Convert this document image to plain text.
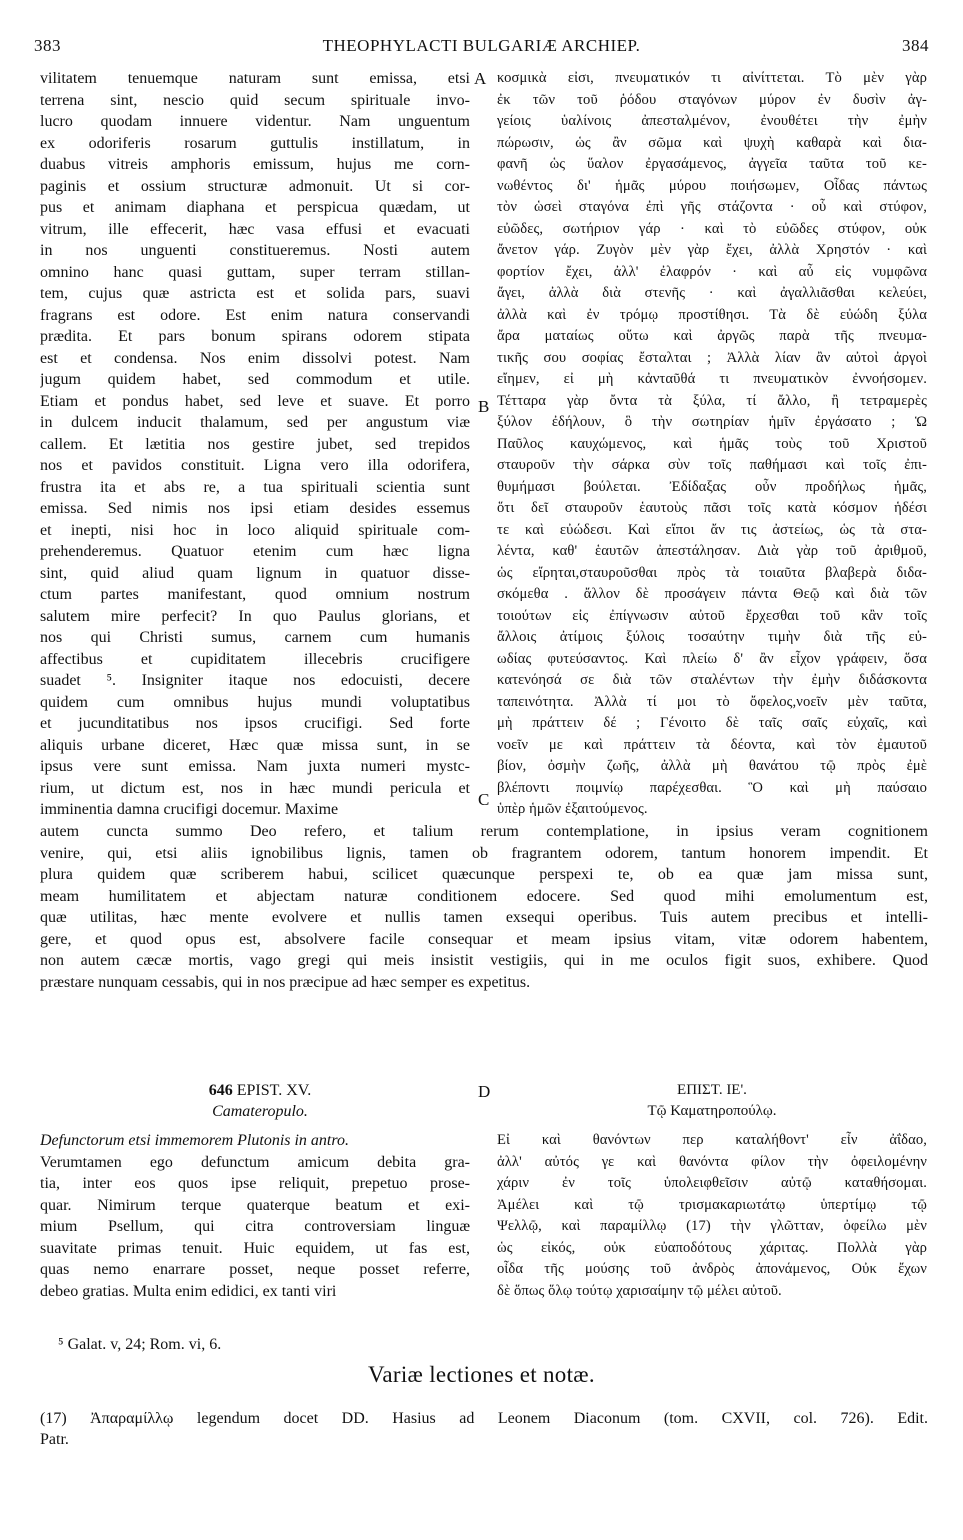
383	THEOPHYLACTI BULGARIÆ ARCHIEP.	384
vilitatem tenuemque naturam sunt emissa, etsi
terrena sint, nescio quid secum spirituale invo-
lucro quodam innuere videntur. Nam unguentum
ex odoriferis rosarum guttulis instillatum, in
duabus vitreis amphoris emissum, hujus me corn-
paginis et ossium structuræ admonuit. Ut si cor-
pus et animam diaphana et perspicua quædam, ut
vitrum, ille effecerit, hæc vasa effusi et evacuati
in nos unguenti constitueremus. Nosti autem
omnino hanc quasi guttam, super terram stillan-
tem, cujus quæ astricta est et solida pars, suavi
fragrans est odore. Est enim natura conservandi
prædita. Et pars bonum spirans odorem stipata
est et condensa. Nos enim dissolvi potest. Nam
jugum quidem habet, sed commodum et utile.
Etiam et pondus habet, sed leve et suave. Et porro
in dulcem inducit thalamum, sed per angustum viæ
callem. Et lætitia nos gestire jubet, sed trepidos
nos et pavidos constituit. Ligna vero illa odorifera,
frustra ita et abs re, a tua spirituali scientia sunt
emissa. Sed nimis nos ipsi etiam desides essemus
et inepti, nisi hoc in loco aliquid spirituale com-
prehenderemus. Quatuor etenim cum hæc ligna
sint, quid aliud quam lignum in quatuor disse-
ctum partes manifestant, quod omnium nostrum
salutem mire perfecit? In quo Paulus glorians, et
nos qui Christi sumus, carnem cum humanis
affectibus et cupiditatem illecebris crucifigere
suadet ⁵. Insigniter itaque nos edocuisti, decere
quidem cum omnibus hujus mundi voluptatibus
et jucunditatibus nos ipsos crucifigi. Sed forte
aliquis urbane diceret, Hæc quæ missa sunt, in se
ipsus vere sunt emissa. Nam juxta numeri mystc-
rium, ut dictum est, nos in hæc mundi pericula et
imminentia damna crucifigi docemur. Maxime
κοσμικὰ εἰσι, πνευματικόν τι αἰνίττεται. Τὸ μὲν γὰρ
ἐκ τῶν τοῦ ῥόδου σταγόνων μύρον ἐν δυσὶν ἀγ-
γείοις ὑαλίνοις ἀπεσταλμένον, ἐνουθέτει τὴν ἐμὴν
πώρωσιν, ὡς ἂν σῶμα καὶ ψυχὴ καθαρὰ καὶ δια-
φανῆ ὡς ὕαλον ἐργασάμενος, ἀγγεῖα ταῦτα τοῦ κε-
νωθέντος δι' ἡμᾶς μύρου ποιήσωμεν, Οἶδας πάντως
τὸν ὡσεὶ σταγόνα ἐπὶ γῆς στάζοντα · οὗ καὶ στύφον,
εὐῶδες, σωτήριον γάρ · καὶ τὸ εὐῶδες στύφον, οὐκ
ἄνετον γάρ. Ζυγὸν μὲν γὰρ ἔχει, ἀλλὰ Χρηστόν · καὶ
φορτίον ἔχει, ἀλλ' ἐλαφρόν · καὶ αὖ εἰς νυμφῶνα
ἄγει, ἀλλὰ διὰ στενῆς · καὶ ἀγαλλιᾶσθαι κελεύει,
ἀλλὰ καὶ ἐν τρόμῳ προστίθησι. Τὰ δὲ εὐώδη ξύλα
ἄρα ματαίως οὕτω καὶ ἀργῶς παρὰ τῆς πνευμα-
τικῆς σου σοφίας ἔσταλται ; Ἀλλὰ λίαν ἂν αὐτοὶ ἀργοὶ
εἴημεν, εἰ μὴ κἀνταῦθά τι πνευματικὸν ἐννοήσομεν.
Τέτταρα γὰρ ὄντα τὰ ξύλα, τί ἄλλο, ἢ τετραμερὲς
ξύλον ἐδήλουν, ὃ τὴν σωτηρίαν ἡμῖν ἐργάσατο ; Ὡ
Παῦλος καυχώμενος, καὶ ἡμᾶς τοὺς τοῦ Χριστοῦ
σταυροῦν τὴν σάρκα σὺν τοῖς παθήμασι καὶ τοῖς ἐπι-
θυμήμασι βούλεται. Ἐδίδαξας οὖν προδήλως ἡμᾶς,
ὅτι δεῖ σταυροῦν ἑαυτοὺς πᾶσι τοῖς κατὰ κόσμον ἡδέσι
τε καὶ εὐώδεσι. Καὶ εἴποι ἄν τις ἀστείως, ὡς τὰ στα-
λέντα, καθ' ἑαυτῶν ἀπεστάλησαν. Διὰ γὰρ τοῦ ἀριθμοῦ,
ὡς εἴρηται,σταυροῦσθαι πρὸς τὰ τοιαῦτα βλαβερὰ διδα-
σκόμεθα . ἄλλον δὲ προσάγειν πάντα Θεῷ καὶ διὰ τῶν
τοιούτων εἰς ἐπίγνωσιν αὐτοῦ ἔρχεσθαι τοῦ κἂν τοῖς
ἄλλοις ἀτίμοις ξύλοις τοσαύτην τιμὴν διὰ τῆς εὐ-
ωδίας φυτεύσαντος. Καὶ πλείω δ' ἂν εἶχον γράφειν, ὅσα
κατενόησά σε διὰ τῶν σταλέντων τὴν ἐμὴν διδάσκοντα
ταπεινότητα. Ἀλλὰ τί μοι τὸ ὄφελος,νοεῖν μὲν ταῦτα,
μὴ πράττειν δέ ; Γένοιτο δὲ ταῖς σαῖς εὐχαῖς, καὶ
νοεῖν με καὶ πράττειν τὰ δέοντα, καὶ τὸν ἐμαυτοῦ
βίον, ὀσμὴν ζωῆς, ἀλλὰ μὴ θανάτου τῷ πρὸς ἐμὲ
βλέποντι ποιμνίῳ παρέχεσθαι. Ὃ καὶ μὴ παύσαιο
ὑπὲρ ἡμῶν ἐξαιτούμενος.
A
B
C
D
autem cuncta summo Deo refero, et talium rerum contemplatione, in ipsius veram cognitionem
venire, qui, etsi aliis ignobilibus lignis, tamen ob fragrantem odorem, tantum honorem impendit. Et
plura quidem quæ scriberem habui, scilicet quæcunque perspexi te, ob ea quæ jam missa sunt,
meam humilitatem et abjectam naturæ conditionem edocere. Sed quod mihi emolumentum est,
quæ utilitas, hæc mente evolvere et nullis tamen exsequi operibus. Tuis autem precibus et intelli-
gere, et quod opus est, absolvere facile consequar et meam ipsius vitam, vitæ odorem habentem,
non autem cæcæ mortis, vago gregi qui meis insistit vestigiis, qui in me oculos figit suos, exhibere. Quod
præstare nunquam cessabis, qui in nos præcipue ad hæc semper es expetitus.
646 EPIST. XV.
Camateropulo.
ΕΠΙΣΤ. ΙΕ'.
Τῷ Καματηροπούλῳ.
Defunctorum etsi immemorem Plutonis in antro.
Verumtamen ego defunctum amicum debita gra-
tia, inter eos quos ipse reliquit, prepetuo prose-
quar. Nimirum terque quaterque beatum et exi-
mium Psellum, qui citra controversiam linguæ
suavitate primas tenuit. Huic equidem, ut fas est,
quas nemo enarrare posset, neque posset referre,
debeo gratias. Multa enim edidici, ex tanti viri
Εἰ καὶ θανόντων περ καταλήθοντ' εἶν ἀΐδαο,
ἀλλ' αὐτός γε καὶ θανόντα φίλον τὴν ὀφειλομένην
χάριν ἐν τοῖς ὑπολειφθεῖσιν αὐτῷ καταθήσομαι.
Ἀμέλει καὶ τῷ τρισμακαριωτάτῳ ὑπερτίμῳ τῷ
Ψελλῷ, καὶ παραμίλλῳ (17) τὴν γλῶτταν, ὀφείλω μὲν
ὡς εἰκός, οὐκ εὐαποδότους χάριτας. Πολλὰ γὰρ
οἶδα τῆς μούσης τοῦ ἀνδρὸς ἀπονάμενος, Οὐκ ἔχων
δὲ ὅπως ὅλῳ τούτῳ χαρισαίμην τῷ μέλει αὐτοῦ.
⁵ Galat. v, 24; Rom. vi, 6.
Variæ lectiones et notæ.
(17) Ἀπαραμίλλῳ legendum docet DD. Hasius ad Leonem Diaconum (tom. CXVII, col. 726). Edit.
Patr.
